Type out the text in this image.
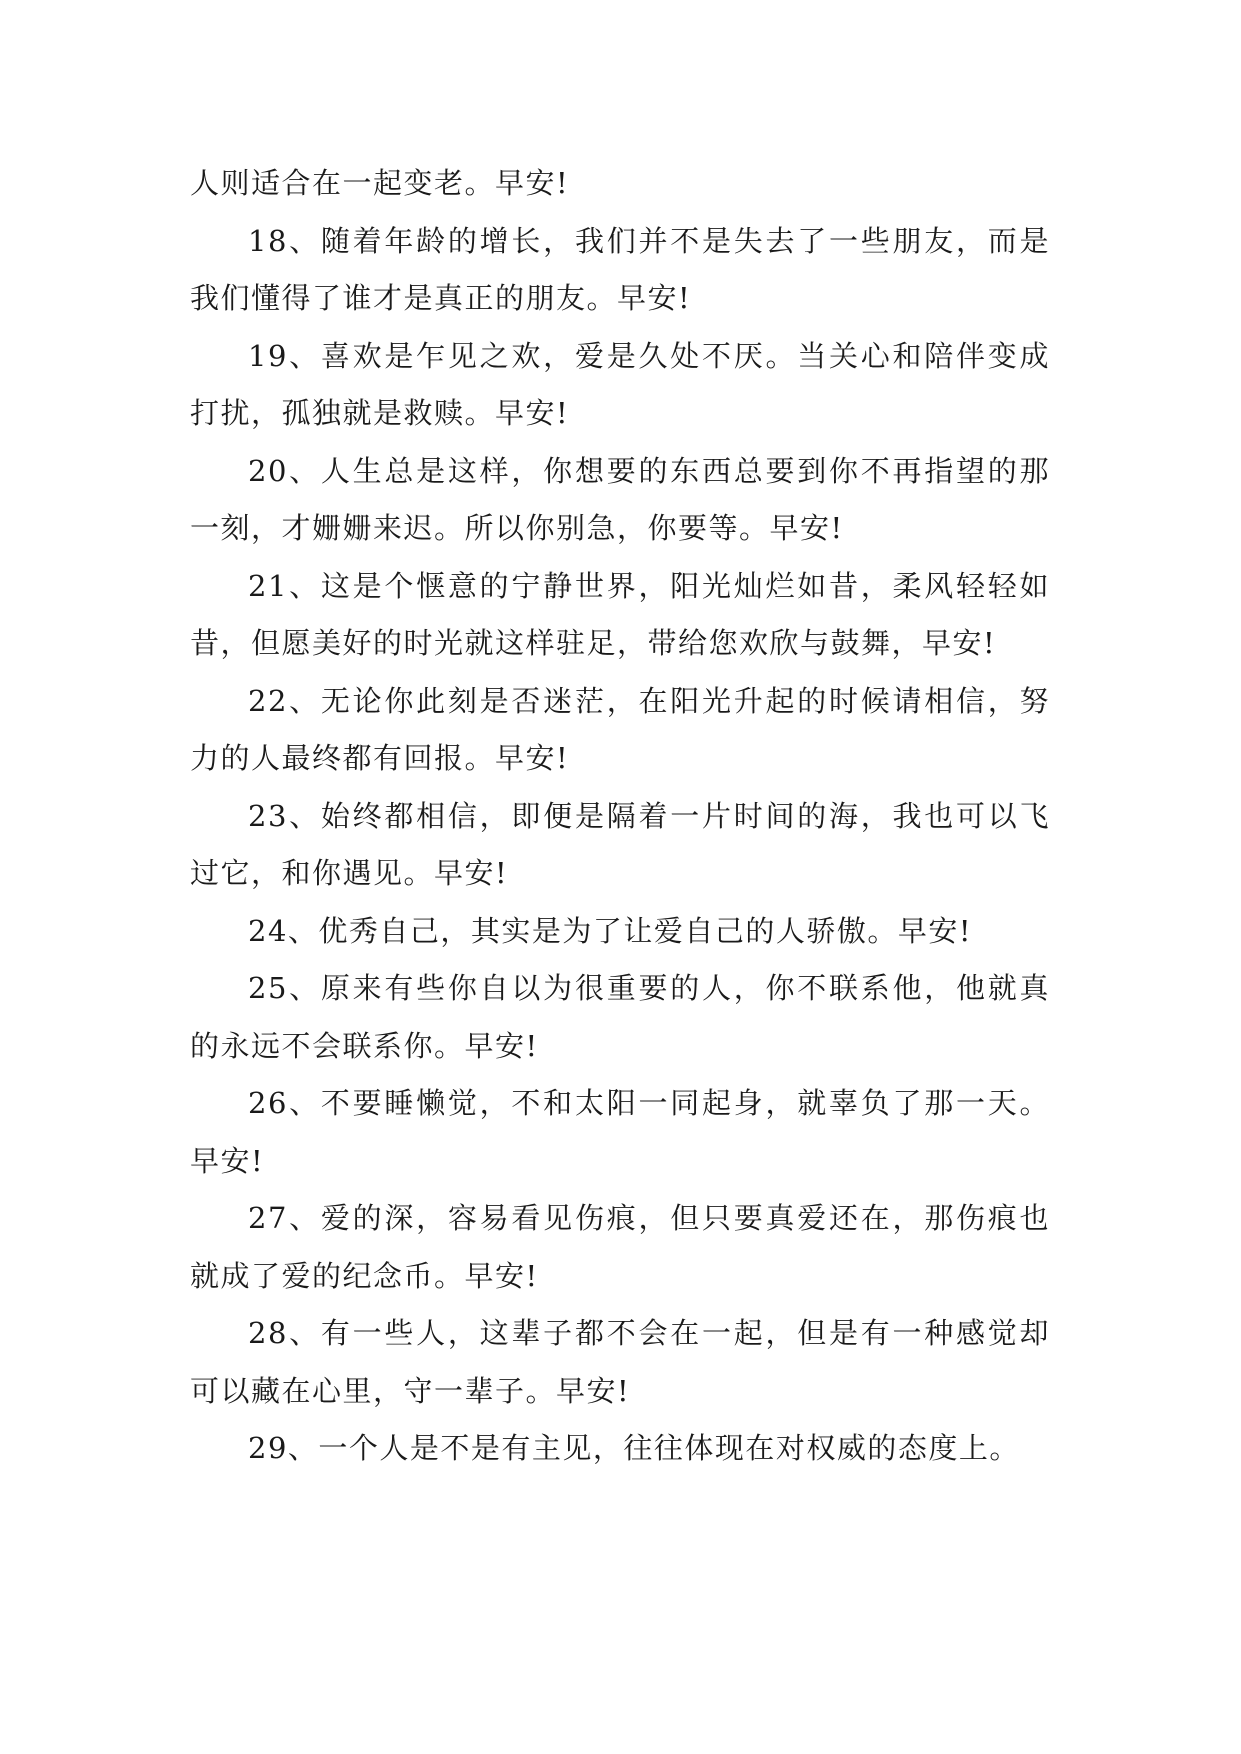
人则适合在一起变老。早安!

18、随着年龄的增长，我们并不是失去了一些朋友，而是我们懂得了谁才是真正的朋友。早安!

19、喜欢是乍见之欢，爱是久处不厌。当关心和陪伴变成打扰，孤独就是救赎。早安!

20、人生总是这样，你想要的东西总要到你不再指望的那一刻，才姗姗来迟。所以你别急，你要等。早安!

21、这是个惬意的宁静世界，阳光灿烂如昔，柔风轻轻如昔，但愿美好的时光就这样驻足，带给您欢欣与鼓舞，早安!

22、无论你此刻是否迷茫，在阳光升起的时候请相信，努力的人最终都有回报。早安!

23、始终都相信，即便是隔着一片时间的海，我也可以飞过它，和你遇见。早安!

24、优秀自己，其实是为了让爱自己的人骄傲。早安!

25、原来有些你自以为很重要的人，你不联系他，他就真的永远不会联系你。早安!

26、不要睡懒觉，不和太阳一同起身，就辜负了那一天。早安!

27、爱的深，容易看见伤痕，但只要真爱还在，那伤痕也就成了爱的纪念币。早安!

28、有一些人，这辈子都不会在一起，但是有一种感觉却可以藏在心里，守一辈子。早安!

29、一个人是不是有主见，往往体现在对权威的态度上。
